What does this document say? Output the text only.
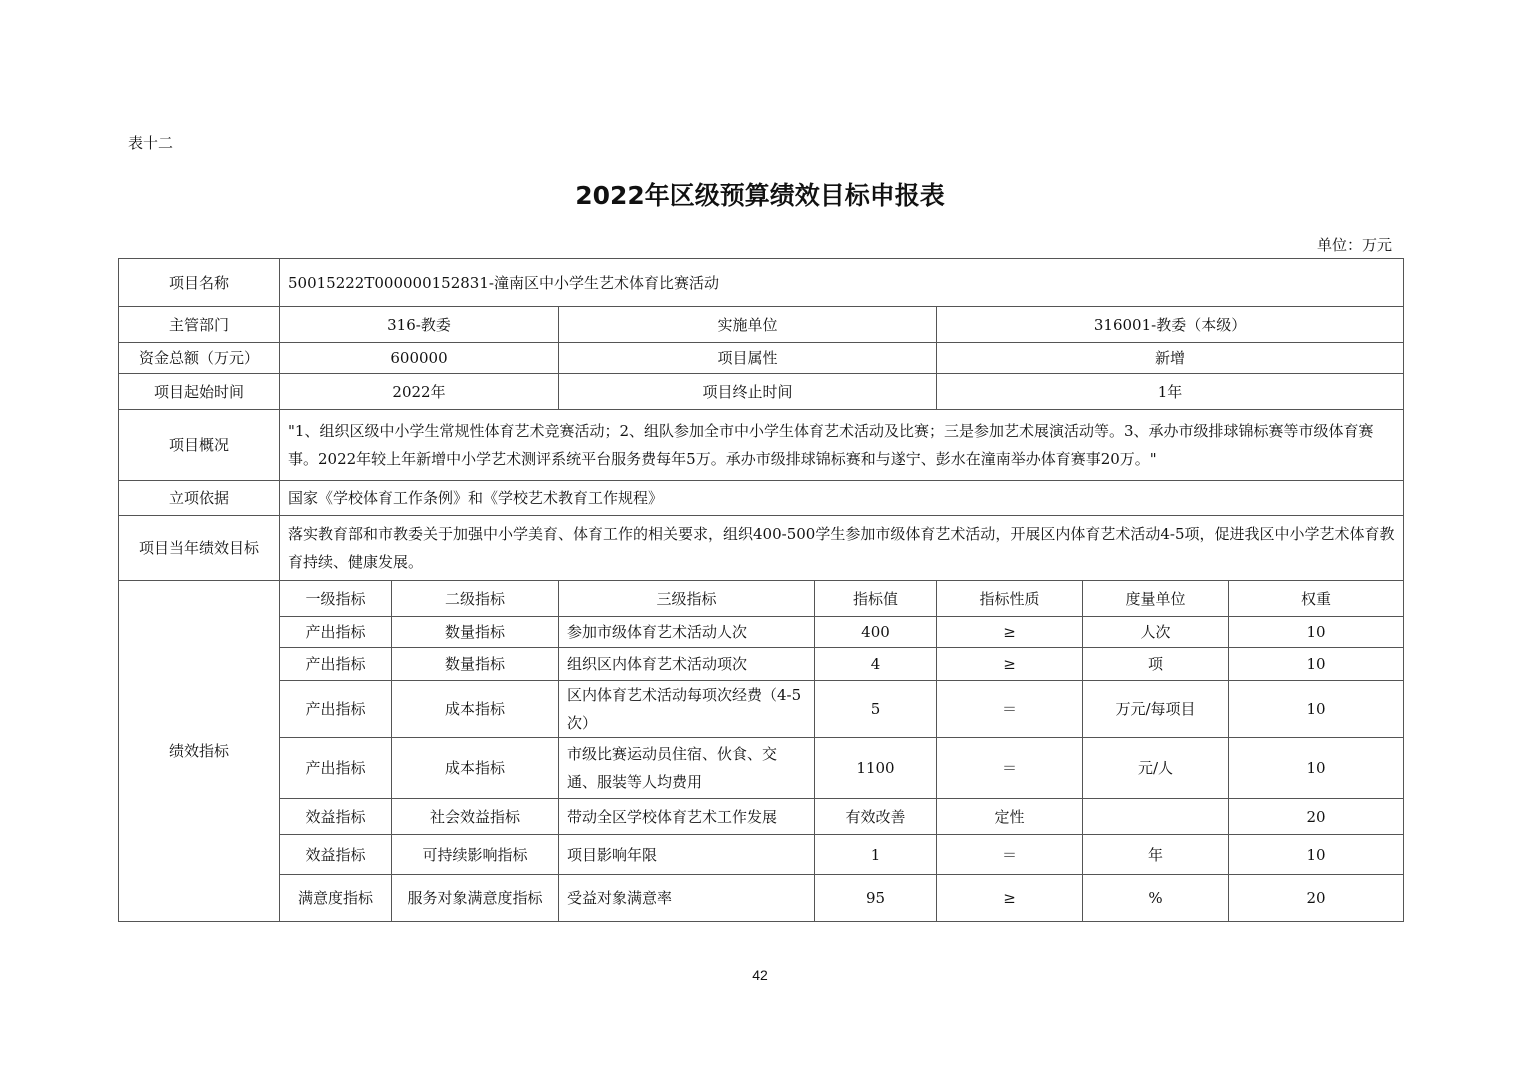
表十二
2022年区级预算绩效目标申报表
单位：万元
项目名称	50015222T000000152831-潼南区中小学生艺术体育比赛活动						
主管部门	316-教委		实施单位		316001-教委（本级）		
资金总额（万元）	600000		项目属性		新增		
项目起始时间	2022年		项目终止时间		1年		
项目概况	"1、组织区级中小学生常规性体育艺术竞赛活动；2、组队参加全市中小学生体育艺术活动及比赛；三是参加艺术展演活动等。3、承办市级排球锦标赛等市级体育赛事。2022年较上年新增中小学艺术测评系统平台服务费每年5万。承办市级排球锦标赛和与遂宁、彭水在潼南举办体育赛事20万。"						
立项依据	国家《学校体育工作条例》和《学校艺术教育工作规程》						
项目当年绩效目标	落实教育部和市教委关于加强中小学美育、体育工作的相关要求，组织400-500学生参加市级体育艺术活动，开展区内体育艺术活动4-5项，促进我区中小学艺术体育教育持续、健康发展。						
绩效指标	一级指标	二级指标	三级指标	指标值	指标性质	度量单位	权重
	产出指标	数量指标	参加市级体育艺术活动人次	400	≥	人次	10
	产出指标	数量指标	组织区内体育艺术活动项次	4	≥	项	10
	产出指标	成本指标	区内体育艺术活动每项次经费（4-5次）	5	＝	万元/每项目	10
	产出指标	成本指标	市级比赛运动员住宿、伙食、交通、服装等人均费用	1100	＝	元/人	10
	效益指标	社会效益指标	带动全区学校体育艺术工作发展	有效改善	定性		20
	效益指标	可持续影响指标	项目影响年限	1	＝	年	10
	满意度指标	服务对象满意度指标	受益对象满意率	95	≥	%	20
42
